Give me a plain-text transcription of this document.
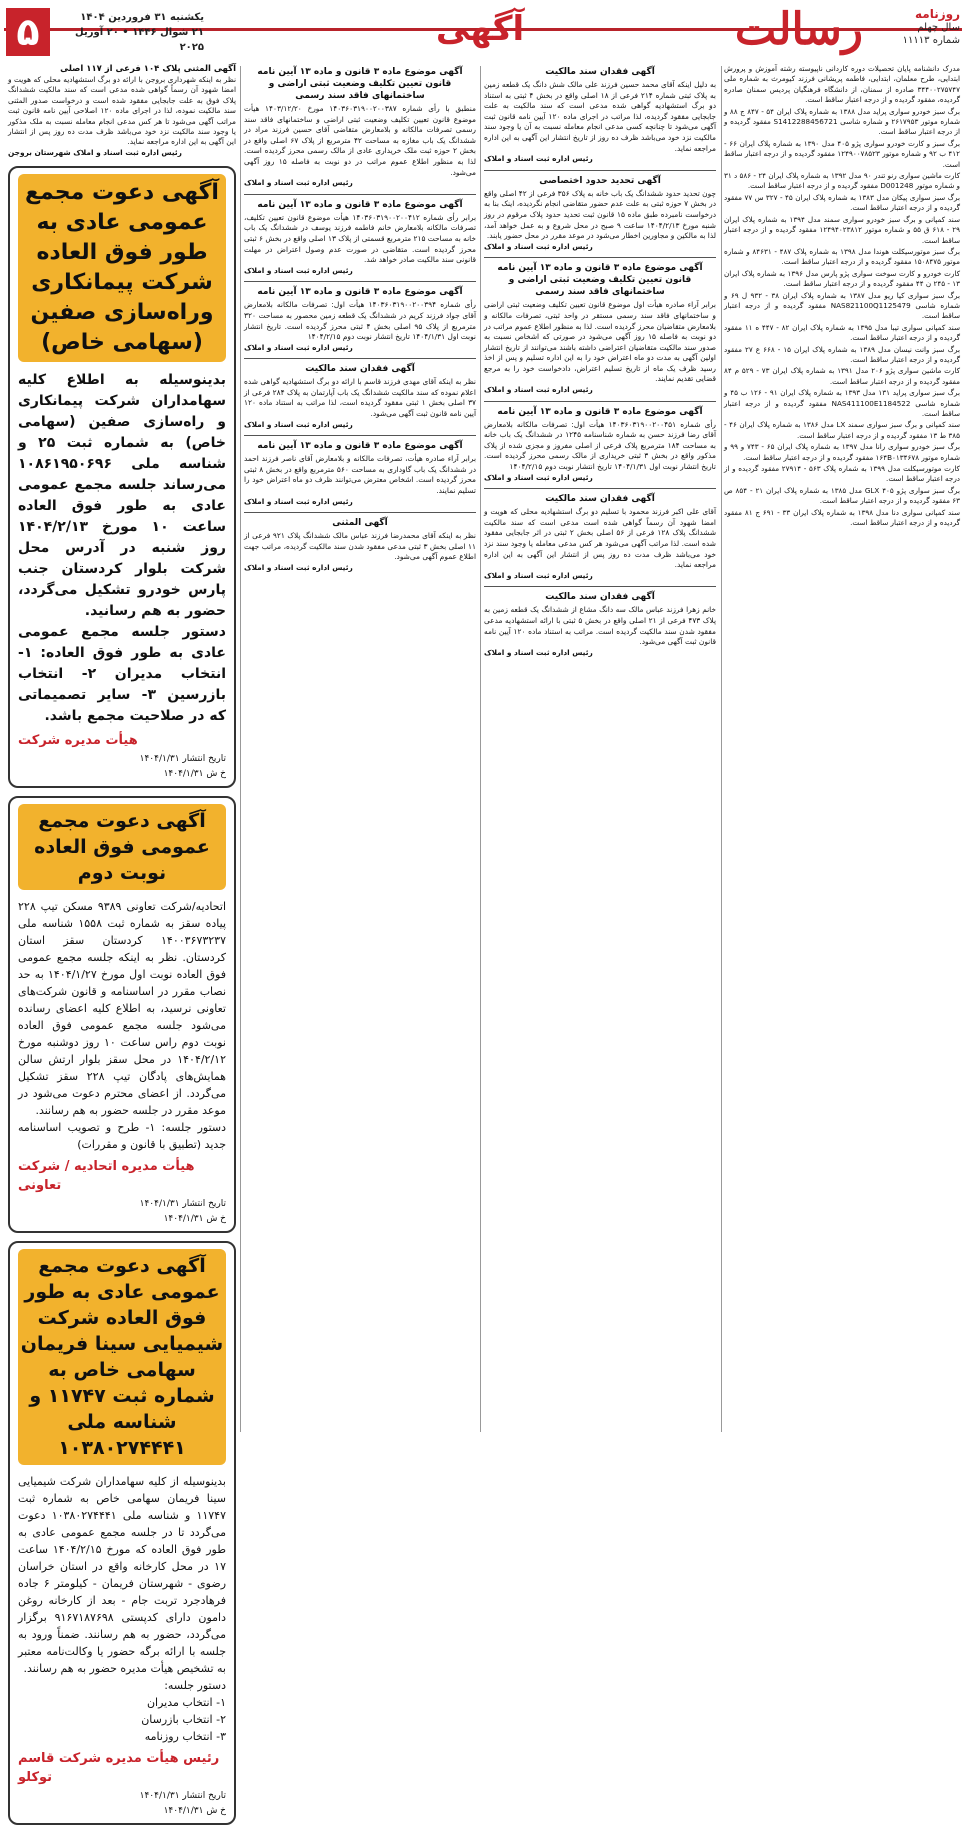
۵	یکشنبه ۳۱ فروردین ۱۴۰۴
۲۱ شوال ۱۴۴۶ • ۲۰ آوریل ۲۰۲۵	آگهی	رسالت	روزنامه
سال چهلم
شماره ۱۱۱۱۳

مدرک دانشنامه پایان تحصیلات دوره کاردانی ناپیوسته رشته آموزش و پرورش ابتدایی، طرح معلمان، ابتدایی، فاطمه پریشانی فرزند کیومرث به شماره ملی ۳۴۴۰۰۲۷۵۷۴۷ صادره از سمنان، از دانشگاه فرهنگیان پردیس سمنان صادره گردیده، مفقود گردیده و از درجه اعتبار ساقط است.

برگ سبز خودرو سواری پراید مدل ۱۳۸۸ به شماره پلاک ایران ۵۴ - ۸۴۷ ج ۸۸ و شماره موتور ۲۶۱۷۹۵۳ و شماره شاسی S1412288456721 مفقود گردیده و از درجه اعتبار ساقط است.

برگ سبز و کارت خودرو سواری پژو ۴۰۵ مدل ۱۳۹۰ به شماره پلاک ایران ۶۶ - ۴۱۲ ب ۹۲ و شماره موتور ۱۲۴۹۰۰۷۸۵۲۳ مفقود گردیده و از درجه اعتبار ساقط است.

کارت ماشین سواری رنو تندر ۹۰ مدل ۱۳۹۲ به شماره پلاک ایران ۲۴ - ۵۸۶ د ۳۱ و شماره موتور D001248 مفقود گردیده و از درجه اعتبار ساقط است.

برگ سبز سواری پیکان مدل ۱۳۸۳ به شماره پلاک ایران ۴۵ - ۳۲۷ س ۷۷ مفقود گردیده و از درجه اعتبار ساقط است.

سند کمپانی و برگ سبز خودرو سواری سمند مدل ۱۳۹۴ به شماره پلاک ایران ۲۹ - ۶۱۸ ق ۵۵ و شماره موتور ۱۲۴۹۴۰۲۳۸۱۲ مفقود گردیده و از درجه اعتبار ساقط است.

برگ سبز موتورسیکلت هوندا مدل ۱۳۹۸ به شماره پلاک ۴۸۷ - ۸۴۶۳۱ و شماره موتور ۱۵۰۸۴۷۵ مفقود گردیده و از درجه اعتبار ساقط است.

کارت خودرو و کارت سوخت سواری پژو پارس مدل ۱۳۹۶ به شماره پلاک ایران ۱۳ - ۲۴۵ ن ۴۴ مفقود گردیده و از درجه اعتبار ساقط است.

برگ سبز سواری کیا ریو مدل ۱۳۸۷ به شماره پلاک ایران ۳۸ - ۹۳۲ ل ۶۹ و شماره شاسی NAS821100Q1125479 مفقود گردیده و از درجه اعتبار ساقط است.

سند کمپانی سواری تیبا مدل ۱۳۹۵ به شماره پلاک ایران ۸۲ - ۴۴۷ ه ۱۱ مفقود گردیده و از درجه اعتبار ساقط است.

برگ سبز وانت نیسان مدل ۱۳۸۹ به شماره پلاک ایران ۱۵ - ۶۶۸ ع ۲۷ مفقود گردیده و از درجه اعتبار ساقط است.

کارت ماشین سواری پژو ۲۰۶ مدل ۱۳۹۱ به شماره پلاک ایران ۷۳ - ۵۲۹ م ۸۴ مفقود گردیده و از درجه اعتبار ساقط است.

برگ سبز سواری پراید ۱۳۱ مدل ۱۳۹۳ به شماره پلاک ایران ۹۱ - ۱۲۶ ب ۴۵ و شماره شاسی NAS411100E1184522 مفقود گردیده و از درجه اعتبار ساقط است.

سند کمپانی و برگ سبز سواری سمند LX مدل ۱۳۸۶ به شماره پلاک ایران ۴۶ - ۳۸۵ ط ۱۳ مفقود گردیده و از درجه اعتبار ساقط است.

برگ سبز خودرو سواری رانا مدل ۱۳۹۷ به شماره پلاک ایران ۶۵ - ۷۴۳ و ۹۹ و شماره موتور ۱۶۴B۰۱۳۴۶۷۸ مفقود گردیده و از درجه اعتبار ساقط است.

کارت موتورسیکلت مدل ۱۳۹۹ به شماره پلاک ۵۶۳ - ۲۷۹۱۴ مفقود گردیده و از درجه اعتبار ساقط است.

برگ سبز سواری پژو ۴۰۵ GLX مدل ۱۳۸۵ به شماره پلاک ایران ۲۱ - ۸۵۴ ص ۶۳ مفقود گردیده و از درجه اعتبار ساقط است.

سند کمپانی سواری دنا مدل ۱۳۹۸ به شماره پلاک ایران ۳۳ - ۶۹۱ ج ۸۱ مفقود گردیده و از درجه اعتبار ساقط است.

آگهی فقدان سند مالکیت

به دلیل اینکه آقای محمد حسین فرزند علی مالک شش دانگ یک قطعه زمین به پلاک ثبتی شماره ۲۱۴ فرعی از ۱۸ اصلی واقع در بخش ۴ ثبتی به استناد دو برگ استشهادیه گواهی شده مدعی است که سند مالکیت به علت جابجایی مفقود گردیده، لذا مراتب در اجرای ماده ۱۲۰ آیین نامه قانون ثبت آگهی می‌شود تا چنانچه کسی مدعی انجام معامله نسبت به آن یا وجود سند مالکیت نزد خود می‌باشد ظرف ده روز از تاریخ انتشار این آگهی به این اداره مراجعه نماید.

رئیس اداره ثبت اسناد و املاک

آگهی تحدید حدود اختصاصی

چون تحدید حدود ششدانگ یک باب خانه به پلاک ۳۵۶ فرعی از ۴۲ اصلی واقع در بخش ۷ حوزه ثبتی به علت عدم حضور متقاضی انجام نگردیده، اینک بنا به درخواست نامبرده طبق ماده ۱۵ قانون ثبت تحدید حدود پلاک مرقوم در روز شنبه مورخ ۱۴۰۴/۲/۱۳ ساعت ۹ صبح در محل شروع و به عمل خواهد آمد، لذا به مالکین و مجاورین اخطار می‌شود در موعد مقرر در محل حضور یابند.

رئیس اداره ثبت اسناد و املاک

آگهی موضوع ماده ۳ قانون و ماده ۱۳ آیین نامه قانون تعیین تکلیف وضعیت ثبتی اراضی و ساختمانهای فاقد سند رسمی

برابر آراء صادره هیأت اول موضوع قانون تعیین تکلیف وضعیت ثبتی اراضی و ساختمانهای فاقد سند رسمی مستقر در واحد ثبتی، تصرفات مالکانه و بلامعارض متقاضیان محرز گردیده است. لذا به منظور اطلاع عموم مراتب در دو نوبت به فاصله ۱۵ روز آگهی می‌شود در صورتی که اشخاص نسبت به صدور سند مالکیت متقاضیان اعتراضی داشته باشند می‌توانند از تاریخ انتشار اولین آگهی به مدت دو ماه اعتراض خود را به این اداره تسلیم و پس از اخذ رسید ظرف یک ماه از تاریخ تسلیم اعتراض، دادخواست خود را به مرجع قضایی تقدیم نمایند.

رئیس اداره ثبت اسناد و املاک

آگهی موضوع ماده ۳ قانون و ماده ۱۳ آیین نامه

رأی شماره ۱۴۰۳۶۰۳۱۹۰۰۲۰۰۴۵۱ هیأت اول: تصرفات مالکانه بلامعارض آقای رضا فرزند حسن به شماره شناسنامه ۱۲۴۵ در ششدانگ یک باب خانه به مساحت ۱۸۴ مترمربع پلاک فرعی از اصلی مفروز و مجزی شده از پلاک مذکور واقع در بخش ۳ ثبتی خریداری از مالک رسمی محرز گردیده است. تاریخ انتشار نوبت اول ۱۴۰۴/۱/۳۱ تاریخ انتشار نوبت دوم ۱۴۰۴/۲/۱۵

رئیس اداره ثبت اسناد و املاک

آگهی فقدان سند مالکیت

آقای علی اکبر فرزند محمود با تسلیم دو برگ استشهادیه محلی که هویت و امضا شهود آن رسماً گواهی شده است مدعی است که سند مالکیت ششدانگ پلاک ۱۲۸ فرعی از ۵۶ اصلی بخش ۲ ثبتی در اثر جابجایی مفقود شده است. لذا مراتب آگهی می‌شود هر کس مدعی معامله یا وجود سند نزد خود می‌باشد ظرف مدت ده روز پس از انتشار این آگهی به این اداره مراجعه نماید.

رئیس اداره ثبت اسناد و املاک

آگهی فقدان سند مالکیت

خانم زهرا فرزند عباس مالک سه دانگ مشاع از ششدانگ یک قطعه زمین به پلاک ۴۷۳ فرعی از ۲۱ اصلی واقع در بخش ۵ ثبتی با ارائه استشهادیه مدعی مفقود شدن سند مالکیت گردیده است. مراتب به استناد ماده ۱۲۰ آیین نامه قانون ثبت آگهی می‌شود.

رئیس اداره ثبت اسناد و املاک

آگهی موضوع ماده ۳ قانون و ماده ۱۳ آیین نامه قانون تعیین تکلیف وضعیت ثبتی اراضی و ساختمانهای فاقد سند رسمی

منطبق با رأی شماره ۱۴۰۳۶۰۳۱۹۰۰۲۰۰۳۸۷ مورخ ۱۴۰۳/۱۲/۲۰ هیأت موضوع قانون تعیین تکلیف وضعیت ثبتی اراضی و ساختمانهای فاقد سند رسمی تصرفات مالکانه و بلامعارض متقاضی آقای حسین فرزند مراد در ششدانگ یک باب مغازه به مساحت ۴۲ مترمربع از پلاک ۶۷ اصلی واقع در بخش ۲ حوزه ثبت ملک خریداری عادی از مالک رسمی محرز گردیده است. لذا به منظور اطلاع عموم مراتب در دو نوبت به فاصله ۱۵ روز آگهی می‌شود.

رئیس اداره ثبت اسناد و املاک

آگهی موضوع ماده ۳ قانون و ماده ۱۳ آیین نامه

برابر رأی شماره ۱۴۰۳۶۰۳۱۹۰۰۲۰۰۴۱۲ هیأت موضوع قانون تعیین تکلیف، تصرفات مالکانه بلامعارض خانم فاطمه فرزند یوسف در ششدانگ یک باب خانه به مساحت ۲۱۵ مترمربع قسمتی از پلاک ۱۳ اصلی واقع در بخش ۶ ثبتی محرز گردیده است. متقاضی در صورت عدم وصول اعتراض در مهلت قانونی سند مالکیت صادر خواهد شد.

رئیس اداره ثبت اسناد و املاک

آگهی موضوع ماده ۳ قانون و ماده ۱۳ آیین نامه

رأی شماره ۱۴۰۳۶۰۳۱۹۰۰۲۰۰۳۹۴ هیأت اول: تصرفات مالکانه بلامعارض آقای جواد فرزند کریم در ششدانگ یک قطعه زمین محصور به مساحت ۳۲۰ مترمربع از پلاک ۹۵ اصلی بخش ۴ ثبتی محرز گردیده است. تاریخ انتشار نوبت اول ۱۴۰۴/۱/۳۱ تاریخ انتشار نوبت دوم ۱۴۰۴/۲/۱۵

رئیس اداره ثبت اسناد و املاک

آگهی فقدان سند مالکیت

نظر به اینکه آقای مهدی فرزند قاسم با ارائه دو برگ استشهادیه گواهی شده اعلام نموده که سند مالکیت ششدانگ یک باب آپارتمان به پلاک ۲۸۴ فرعی از ۳۷ اصلی بخش ۱ ثبتی مفقود گردیده است، لذا مراتب به استناد ماده ۱۲۰ آیین نامه قانون ثبت آگهی می‌شود.

رئیس اداره ثبت اسناد و املاک

آگهی موضوع ماده ۳ قانون و ماده ۱۳ آیین نامه

برابر آراء صادره هیأت، تصرفات مالکانه و بلامعارض آقای ناصر فرزند احمد در ششدانگ یک باب گاوداری به مساحت ۵۶۰ مترمربع واقع در بخش ۸ ثبتی محرز گردیده است. اشخاص معترض می‌توانند ظرف دو ماه اعتراض خود را تسلیم نمایند.

رئیس اداره ثبت اسناد و املاک

آگهی المثنی

نظر به اینکه آقای محمدرضا فرزند عباس مالک ششدانگ پلاک ۹۲۱ فرعی از ۱۱ اصلی بخش ۳ ثبتی مدعی مفقود شدن سند مالکیت گردیده، مراتب جهت اطلاع عموم آگهی می‌شود.

رئیس اداره ثبت اسناد و املاک

آگهی المثنی پلاک ۱۰۴ فرعی از ۱۱۷ اصلی

نظر به اینکه شهرداری بروجن با ارائه دو برگ استشهادیه محلی که هویت و امضا شهود آن رسماً گواهی شده مدعی است که سند مالکیت ششدانگ پلاک فوق به علت جابجایی مفقود شده است و درخواست صدور المثنی سند مالکیت نموده، لذا در اجرای ماده ۱۲۰ اصلاحی آیین نامه قانون ثبت مراتب آگهی می‌شود تا هر کس مدعی انجام معامله نسبت به ملک مذکور یا وجود سند مالکیت نزد خود می‌باشد ظرف مدت ده روز پس از انتشار این آگهی به این اداره مراجعه نماید.

رئیس اداره ثبت اسناد و املاک شهرستان بروجن

آگهی دعوت مجمع عمومی عادی به طور فوق العاده شرکت پیمانکاری وراه‌سازی صفین (سهامی خاص)

بدینوسیله به اطلاع کلیه سهامداران شرکت پیمانکاری و راه‌سازی صفین (سهامی خاص) به شماره ثبت ۲۵ و شناسه ملی ۱۰۸۶۱۹۵۰۶۹۶ می‌رساند جلسه مجمع عمومی عادی به طور فوق العاده ساعت ۱۰ مورخ ۱۴۰۴/۲/۱۳ روز شنبه در آدرس محل شرکت بلوار کردستان جنب پارس خودرو تشکیل می‌گردد، حضور به هم رسانید.

دستور جلسه مجمع عمومی عادی به طور فوق العاده: ۱- انتخاب مدیران ۲- انتخاب بازرسین ۳- سایر تصمیماتی که در صلاحیت مجمع باشد.

هیأت مدیره شرکت

تاریخ انتشار ۱۴۰۴/۱/۳۱

خ ش ۱۴۰۴/۱/۳۱

آگهی دعوت مجمع عمومی فوق العاده نوبت دوم

اتحادیه/شرکت تعاونی ۹۳۸۹ مسکن تیپ ۲۲۸ پیاده سقز به شماره ثبت ۱۵۵۸ شناسه ملی ۱۴۰۰۳۶۷۳۲۳۷ کردستان سقز استان کردستان. نظر به اینکه جلسه مجمع عمومی فوق العاده نوبت اول مورخ ۱۴۰۴/۱/۲۷ به حد نصاب مقرر در اساسنامه و قانون شرکت‌های تعاونی نرسید، به اطلاع کلیه اعضای رسانده می‌شود جلسه مجمع عمومی فوق العاده نوبت دوم راس ساعت ۱۰ روز دوشنبه مورخ ۱۴۰۴/۲/۱۲ در محل سقز بلوار ارتش سالن همایش‌های پادگان تیپ ۲۲۸ سقز تشکیل می‌گردد. از اعضای محترم دعوت می‌شود در موعد مقرر در جلسه حضور به هم رسانند.

دستور جلسه: ۱- طرح و تصویب اساسنامه جدید (تطبیق با قانون و مقررات)

هیأت مدیره اتحادیه / شرکت تعاونی

تاریخ انتشار ۱۴۰۴/۱/۳۱

خ ش ۱۴۰۴/۱/۳۱

آگهی دعوت مجمع عمومی عادی به طور فوق العاده شرکت شیمیایی سینا فریمان سهامی خاص به شماره ثبت ۱۱۷۴۷ و شناسه ملی ۱۰۳۸۰۲۷۴۴۴۱

بدینوسیله از کلیه سهامداران شرکت شیمیایی سینا فریمان سهامی خاص به شماره ثبت ۱۱۷۴۷ و شناسه ملی ۱۰۳۸۰۲۷۴۴۴۱ دعوت می‌گردد تا در جلسه مجمع عمومی عادی به طور فوق العاده که مورخ ۱۴۰۴/۲/۱۵ ساعت ۱۷ در محل کارخانه واقع در استان خراسان رضوی - شهرستان فریمان - کیلومتر ۶ جاده فرهادجرد تربت جام - بعد از کارخانه روغن دامون دارای کدپستی ۹۱۶۷۱۸۷۶۹۸ برگزار می‌گردد، حضور به هم رسانند. ضمناً ورود به جلسه با ارائه برگه حضور یا وکالت‌نامه معتبر به تشخیص هیأت مدیره حضور به هم رسانند.

دستور جلسه:

۱- انتخاب مدیران

۲- انتخاب بازرسان

۳- انتخاب روزنامه

رئیس هیأت مدیره شرکت قاسم توکلو

تاریخ انتشار ۱۴۰۴/۱/۳۱

خ ش ۱۴۰۴/۱/۳۱
